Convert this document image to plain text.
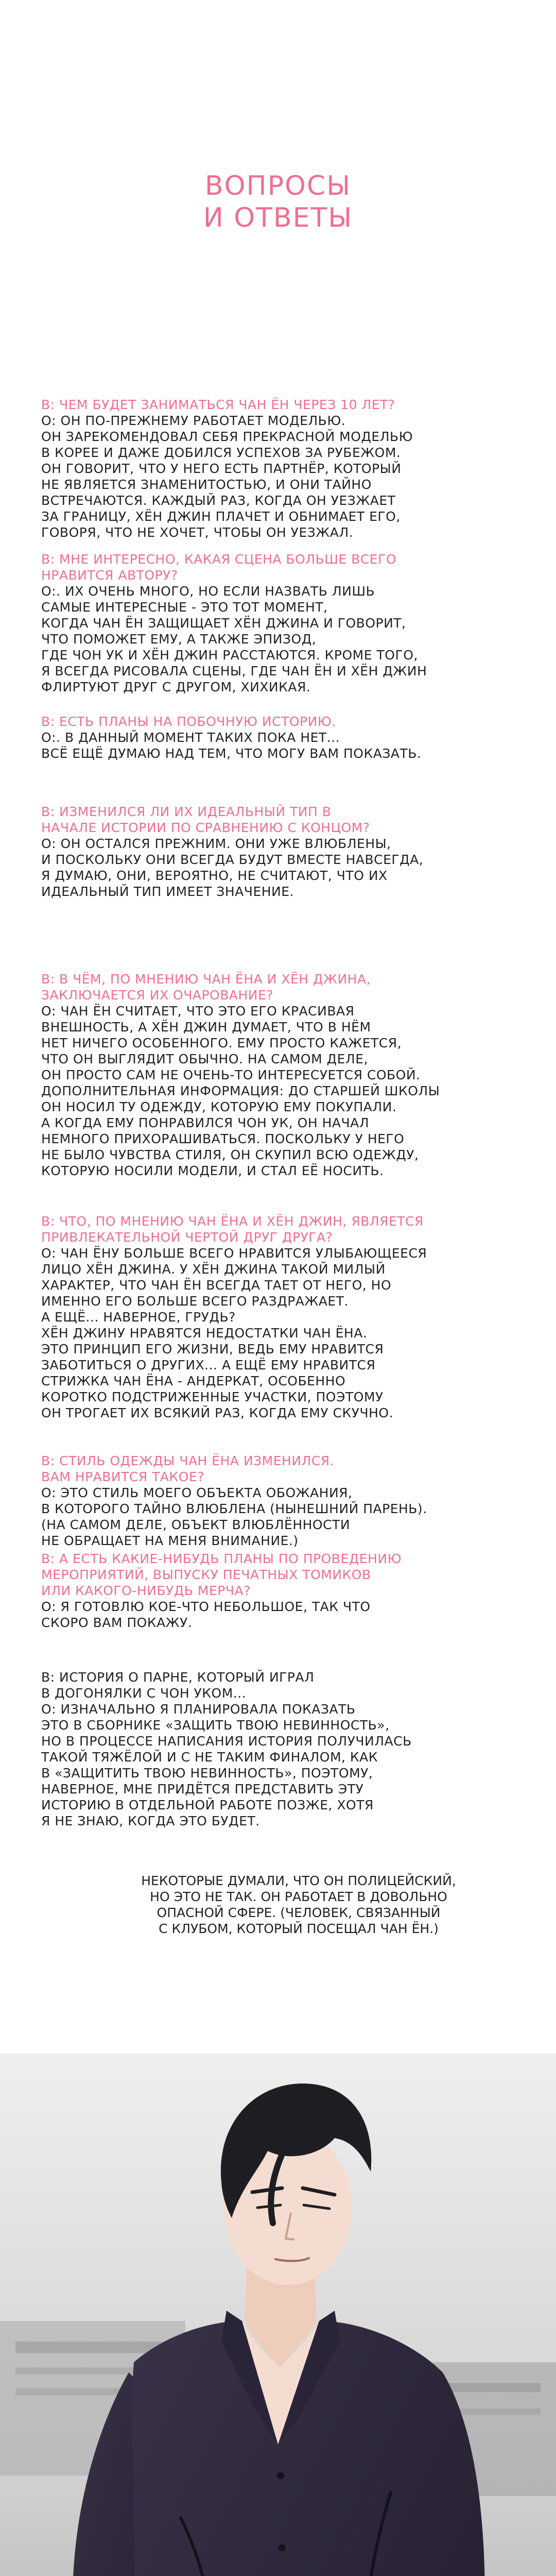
ВОПРОСЫ
И ОТВЕТЫ

В: ЧЕМ БУДЕТ ЗАНИМАТЬСЯ ЧАН ЁН ЧЕРЕЗ 10 ЛЕТ?

О: ОН ПО-ПРЕЖНЕМУ РАБОТАЕТ МОДЕЛЬЮ.
ОН ЗАРЕКОМЕНДОВАЛ СЕБЯ ПРЕКРАСНОЙ МОДЕЛЬЮ
В КОРЕЕ И ДАЖЕ ДОБИЛСЯ УСПЕХОВ ЗА РУБЕЖОМ.
ОН ГОВОРИТ, ЧТО У НЕГО ЕСТЬ ПАРТНЁР, КОТОРЫЙ
НЕ ЯВЛЯЕТСЯ ЗНАМЕНИТОСТЬЮ, И ОНИ ТАЙНО
ВСТРЕЧАЮТСЯ. КАЖДЫЙ РАЗ, КОГДА ОН УЕЗЖАЕТ
ЗА ГРАНИЦУ, ХЁН ДЖИН ПЛАЧЕТ И ОБНИМАЕТ ЕГО,
ГОВОРЯ, ЧТО НЕ ХОЧЕТ, ЧТОБЫ ОН УЕЗЖАЛ.

В: МНЕ ИНТЕРЕСНО, КАКАЯ СЦЕНА БОЛЬШЕ ВСЕГО
НРАВИТСЯ АВТОРУ?

О:. ИХ ОЧЕНЬ МНОГО, НО ЕСЛИ НАЗВАТЬ ЛИШЬ
САМЫЕ ИНТЕРЕСНЫЕ - ЭТО ТОТ МОМЕНТ,
КОГДА ЧАН ЁН ЗАЩИЩАЕТ ХЁН ДЖИНА И ГОВОРИТ,
ЧТО ПОМОЖЕТ ЕМУ, А ТАКЖЕ ЭПИЗОД,
ГДЕ ЧОН УК И ХЁН ДЖИН РАССТАЮТСЯ. КРОМЕ ТОГО,
Я ВСЕГДА РИСОВАЛА СЦЕНЫ, ГДЕ ЧАН ЁН И ХЁН ДЖИН
ФЛИРТУЮТ ДРУГ С ДРУГОМ, ХИХИКАЯ.

В: ЕСТЬ ПЛАНЫ НА ПОБОЧНУЮ ИСТОРИЮ.

О:. В ДАННЫЙ МОМЕНТ ТАКИХ ПОКА НЕТ...
ВСЁ ЕЩЁ ДУМАЮ НАД ТЕМ, ЧТО МОГУ ВАМ ПОКАЗАТЬ.

В: ИЗМЕНИЛСЯ ЛИ ИХ ИДЕАЛЬНЫЙ ТИП В
НАЧАЛЕ ИСТОРИИ ПО СРАВНЕНИЮ С КОНЦОМ?

О: ОН ОСТАЛСЯ ПРЕЖНИМ. ОНИ УЖЕ ВЛЮБЛЕНЫ,
И ПОСКОЛЬКУ ОНИ ВСЕГДА БУДУТ ВМЕСТЕ НАВСЕГДА,
Я ДУМАЮ, ОНИ, ВЕРОЯТНО, НЕ СЧИТАЮТ, ЧТО ИХ
ИДЕАЛЬНЫЙ ТИП ИМЕЕТ ЗНАЧЕНИЕ.

В: В ЧЁМ, ПО МНЕНИЮ ЧАН ЁНА И ХЁН ДЖИНА,
ЗАКЛЮЧАЕТСЯ ИХ ОЧАРОВАНИЕ?

О: ЧАН ЁН СЧИТАЕТ, ЧТО ЭТО ЕГО КРАСИВАЯ
ВНЕШНОСТЬ, А ХЁН ДЖИН ДУМАЕТ, ЧТО В НЁМ
НЕТ НИЧЕГО ОСОБЕННОГО. ЕМУ ПРОСТО КАЖЕТСЯ,
ЧТО ОН ВЫГЛЯДИТ ОБЫЧНО. НА САМОМ ДЕЛЕ,
ОН ПРОСТО САМ НЕ ОЧЕНЬ-ТО ИНТЕРЕСУЕТСЯ СОБОЙ.
ДОПОЛНИТЕЛЬНАЯ ИНФОРМАЦИЯ: ДО СТАРШЕЙ ШКОЛЫ
ОН НОСИЛ ТУ ОДЕЖДУ, КОТОРУЮ ЕМУ ПОКУПАЛИ.
А КОГДА ЕМУ ПОНРАВИЛСЯ ЧОН УК, ОН НАЧАЛ
НЕМНОГО ПРИХОРАШИВАТЬСЯ. ПОСКОЛЬКУ У НЕГО
НЕ БЫЛО ЧУВСТВА СТИЛЯ, ОН СКУПИЛ ВСЮ ОДЕЖДУ,
КОТОРУЮ НОСИЛИ МОДЕЛИ, И СТАЛ ЕЁ НОСИТЬ.

В: ЧТО, ПО МНЕНИЮ ЧАН ЁНА И ХЁН ДЖИН, ЯВЛЯЕТСЯ
ПРИВЛЕКАТЕЛЬНОЙ ЧЕРТОЙ ДРУГ ДРУГА?

О: ЧАН ЁНУ БОЛЬШЕ ВСЕГО НРАВИТСЯ УЛЫБАЮЩЕЕСЯ
ЛИЦО ХЁН ДЖИНА. У ХЁН ДЖИНА ТАКОЙ МИЛЫЙ
ХАРАКТЕР, ЧТО ЧАН ЁН ВСЕГДА ТАЕТ ОТ НЕГО, НО
ИМЕННО ЕГО БОЛЬШЕ ВСЕГО РАЗДРАЖАЕТ.
А ЕЩЁ... НАВЕРНОЕ, ГРУДЬ?
ХЁН ДЖИНУ НРАВЯТСЯ НЕДОСТАТКИ ЧАН ЁНА.
ЭТО ПРИНЦИП ЕГО ЖИЗНИ, ВЕДЬ ЕМУ НРАВИТСЯ
ЗАБОТИТЬСЯ О ДРУГИХ... А ЕЩЁ ЕМУ НРАВИТСЯ
СТРИЖКА ЧАН ЁНА - АНДЕРКАТ, ОСОБЕННО
КОРОТКО ПОДСТРИЖЕННЫЕ УЧАСТКИ, ПОЭТОМУ
ОН ТРОГАЕТ ИХ ВСЯКИЙ РАЗ, КОГДА ЕМУ СКУЧНО.

В: СТИЛЬ ОДЕЖДЫ ЧАН ЁНА ИЗМЕНИЛСЯ.
ВАМ НРАВИТСЯ ТАКОЕ?

О: ЭТО СТИЛЬ МОЕГО ОБЪЕКТА ОБОЖАНИЯ,
В КОТОРОГО ТАЙНО ВЛЮБЛЕНА (НЫНЕШНИЙ ПАРЕНЬ).
(НА САМОМ ДЕЛЕ, ОБЪЕКТ ВЛЮБЛЁННОСТИ
НЕ ОБРАЩАЕТ НА МЕНЯ ВНИМАНИЕ.)

В: А ЕСТЬ КАКИЕ-НИБУДЬ ПЛАНЫ ПО ПРОВЕДЕНИЮ
МЕРОПРИЯТИЙ, ВЫПУСКУ ПЕЧАТНЫХ ТОМИКОВ
ИЛИ КАКОГО-НИБУДЬ МЕРЧА?

О: Я ГОТОВЛЮ КОЕ-ЧТО НЕБОЛЬШОЕ, ТАК ЧТО
СКОРО ВАМ ПОКАЖУ.

В: ИСТОРИЯ О ПАРНЕ, КОТОРЫЙ ИГРАЛ
В ДОГОНЯЛКИ С ЧОН УКОМ...

О: ИЗНАЧАЛЬНО Я ПЛАНИРОВАЛА ПОКАЗАТЬ
ЭТО В СБОРНИКЕ «ЗАЩИТЬ ТВОЮ НЕВИННОСТЬ»,
НО В ПРОЦЕССЕ НАПИСАНИЯ ИСТОРИЯ ПОЛУЧИЛАСЬ
ТАКОЙ ТЯЖЁЛОЙ И С НЕ ТАКИМ ФИНАЛОМ, КАК
В «ЗАЩИТИТЬ ТВОЮ НЕВИННОСТЬ», ПОЭТОМУ,
НАВЕРНОЕ, МНЕ ПРИДЁТСЯ ПРЕДСТАВИТЬ ЭТУ
ИСТОРИЮ В ОТДЕЛЬНОЙ РАБОТЕ ПОЗЖЕ, ХОТЯ
Я НЕ ЗНАЮ, КОГДА ЭТО БУДЕТ.

НЕКОТОРЫЕ ДУМАЛИ, ЧТО ОН ПОЛИЦЕЙСКИЙ,
НО ЭТО НЕ ТАК. ОН РАБОТАЕТ В ДОВОЛЬНО
ОПАСНОЙ СФЕРЕ. (ЧЕЛОВЕК, СВЯЗАННЫЙ
С КЛУБОМ, КОТОРЫЙ ПОСЕЩАЛ ЧАН ЁН.)
